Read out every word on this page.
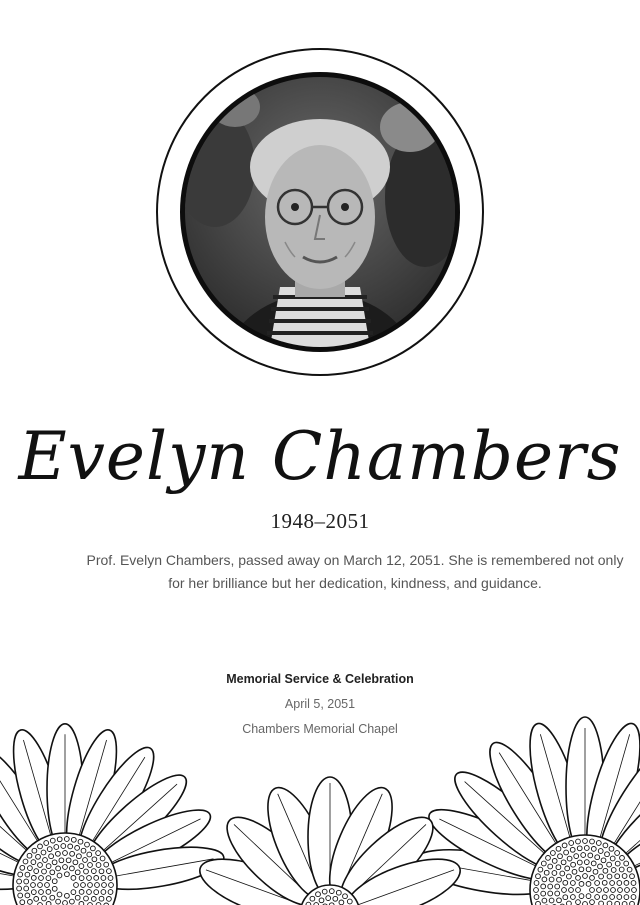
Evelyn Chambers
1948–2051
Prof. Evelyn Chambers, passed away on March 12, 2051. She is remembered not only for her brilliance but her dedication, kindness, and guidance.
Memorial Service & Celebration
April 5, 2051
Chambers Memorial Chapel
